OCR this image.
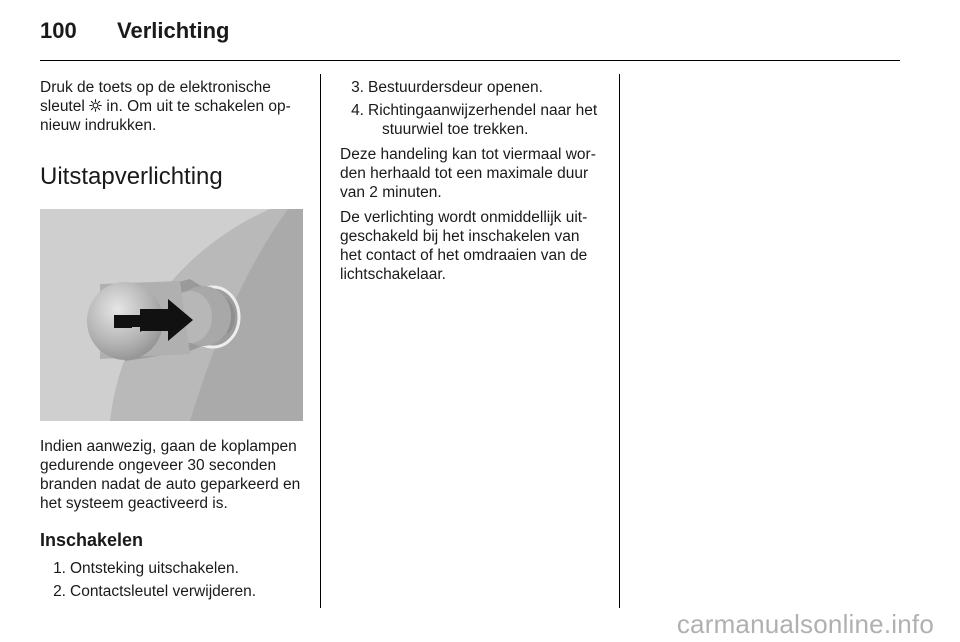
100 Verlichting

Druk de toets op de elektronische
sleutel  in. Om uit te schakelen op-
nieuw indrukken.

Uitstapverlichting

Indien aanwezig, gaan de koplampen
gedurende ongeveer 30 seconden
branden nadat de auto geparkeerd en
het systeem geactiveerd is.

Inschakelen
1. Ontsteking uitschakelen.
2. Contactsleutel verwijderen.
3. Bestuurdersdeur openen.
4. Richtingaanwijzerhendel naar het
stuurwiel toe trekken.

Deze handeling kan tot viermaal wor-
den herhaald tot een maximale duur
van 2 minuten.

De verlichting wordt onmiddellijk uit-
geschakeld bij het inschakelen van
het contact of het omdraaien van de
lichtschakelaar.

carmanualsonline.info
